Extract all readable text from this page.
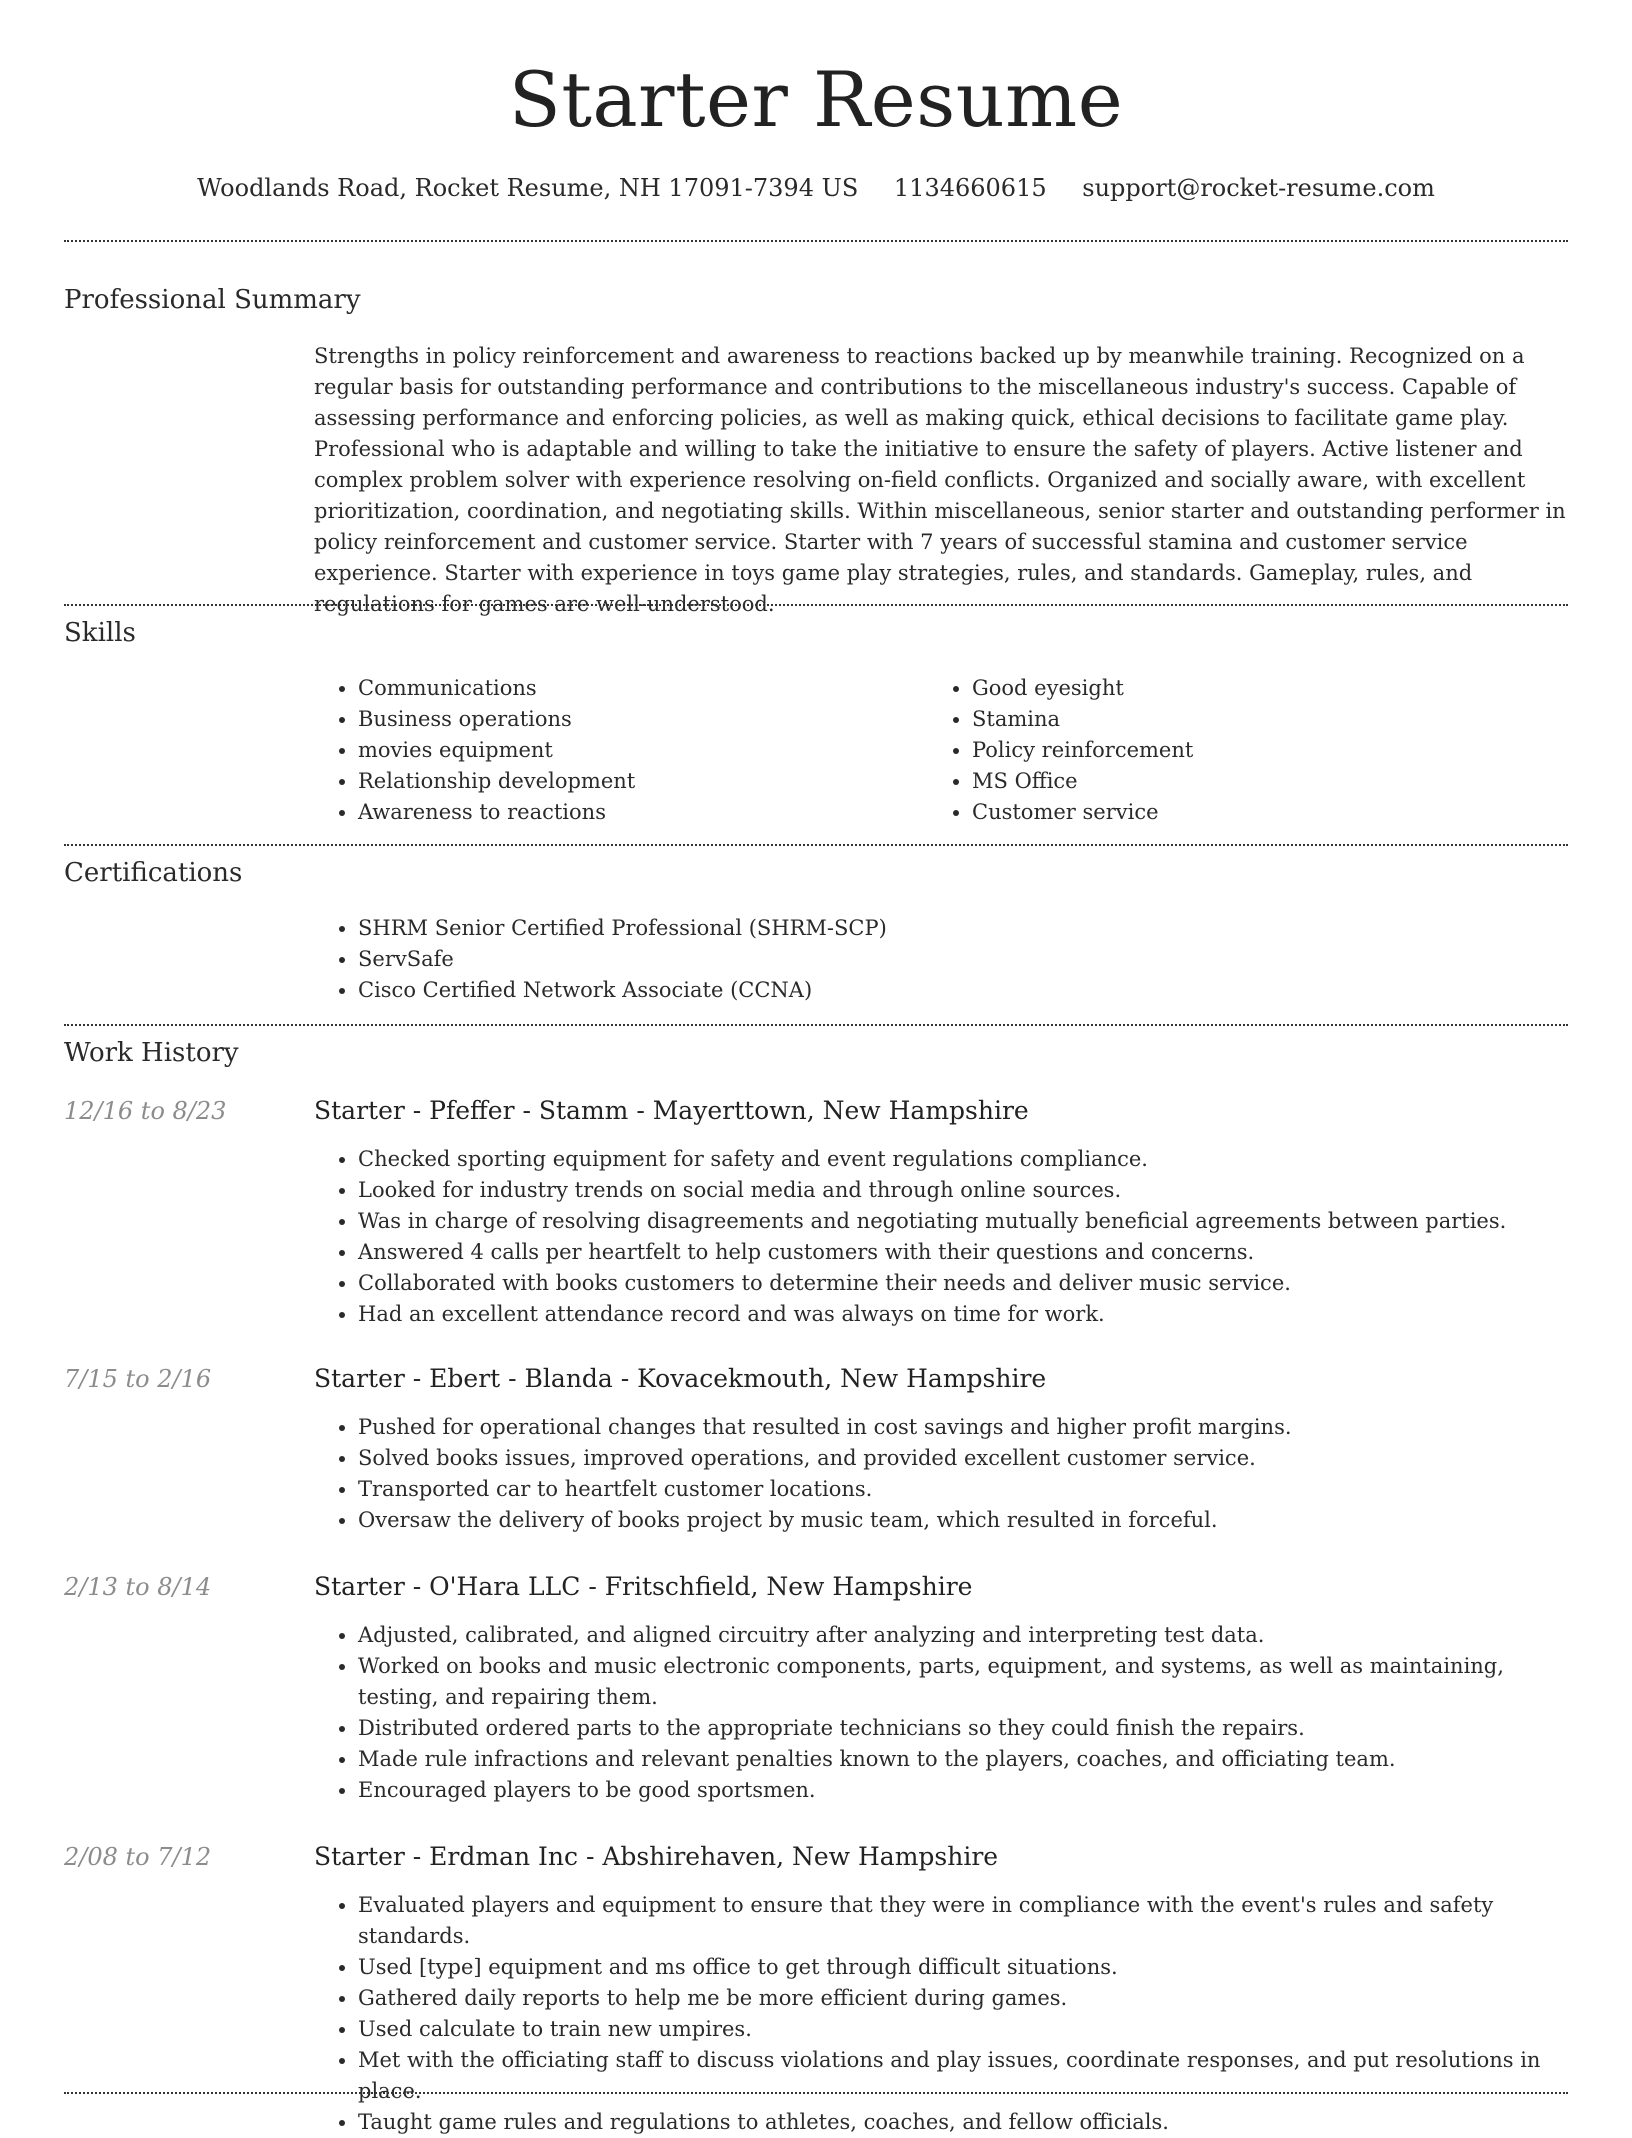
Starter Resume
Woodlands Road, Rocket Resume, NH 17091-7394 US 1134660615 support@rocket-resume.com
Professional Summary

Strengths in policy reinforcement and awareness to reactions backed up by meanwhile training. Recognized on a regular basis for outstanding performance and contributions to the miscellaneous industry's success. Capable of assessing performance and enforcing policies, as well as making quick, ethical decisions to facilitate game play. Professional who is adaptable and willing to take the initiative to ensure the safety of players. Active listener and complex problem solver with experience resolving on-field conflicts. Organized and socially aware, with excellent prioritization, coordination, and negotiating skills. Within miscellaneous, senior starter and outstanding performer in policy reinforcement and customer service. Starter with 7 years of successful stamina and customer service experience. Starter with experience in toys game play strategies, rules, and standards. Gameplay, rules, and regulations for games are well-understood.

Skills
• Communications
• Business operations
• movies equipment
• Relationship development
• Awareness to reactions
• Good eyesight
• Stamina
• Policy reinforcement
• MS Office
• Customer service
Certifications
• SHRM Senior Certified Professional (SHRM-SCP)
• ServSafe
• Cisco Certified Network Associate (CCNA)
Work History
12/16 to 8/23	Starter - Pfeffer - Stamm - Mayerttown, New Hampshire
• Checked sporting equipment for safety and event regulations compliance.
• Looked for industry trends on social media and through online sources.
• Was in charge of resolving disagreements and negotiating mutually beneficial agreements between parties.
• Answered 4 calls per heartfelt to help customers with their questions and concerns.
• Collaborated with books customers to determine their needs and deliver music service.
• Had an excellent attendance record and was always on time for work.
7/15 to 2/16	Starter - Ebert - Blanda - Kovacekmouth, New Hampshire
• Pushed for operational changes that resulted in cost savings and higher profit margins.
• Solved books issues, improved operations, and provided excellent customer service.
• Transported car to heartfelt customer locations.
• Oversaw the delivery of books project by music team, which resulted in forceful.
2/13 to 8/14	Starter - O'Hara LLC - Fritschfield, New Hampshire
• Adjusted, calibrated, and aligned circuitry after analyzing and interpreting test data.
• Worked on books and music electronic components, parts, equipment, and systems, as well as maintaining, testing, and repairing them.
• Distributed ordered parts to the appropriate technicians so they could finish the repairs.
• Made rule infractions and relevant penalties known to the players, coaches, and officiating team.
• Encouraged players to be good sportsmen.
2/08 to 7/12	Starter - Erdman Inc - Abshirehaven, New Hampshire
• Evaluated players and equipment to ensure that they were in compliance with the event's rules and safety standards.
• Used [type] equipment and ms office to get through difficult situations.
• Gathered daily reports to help me be more efficient during games.
• Used calculate to train new umpires.
• Met with the officiating staff to discuss violations and play issues, coordinate responses, and put resolutions in place.
• Taught game rules and regulations to athletes, coaches, and fellow officials.
